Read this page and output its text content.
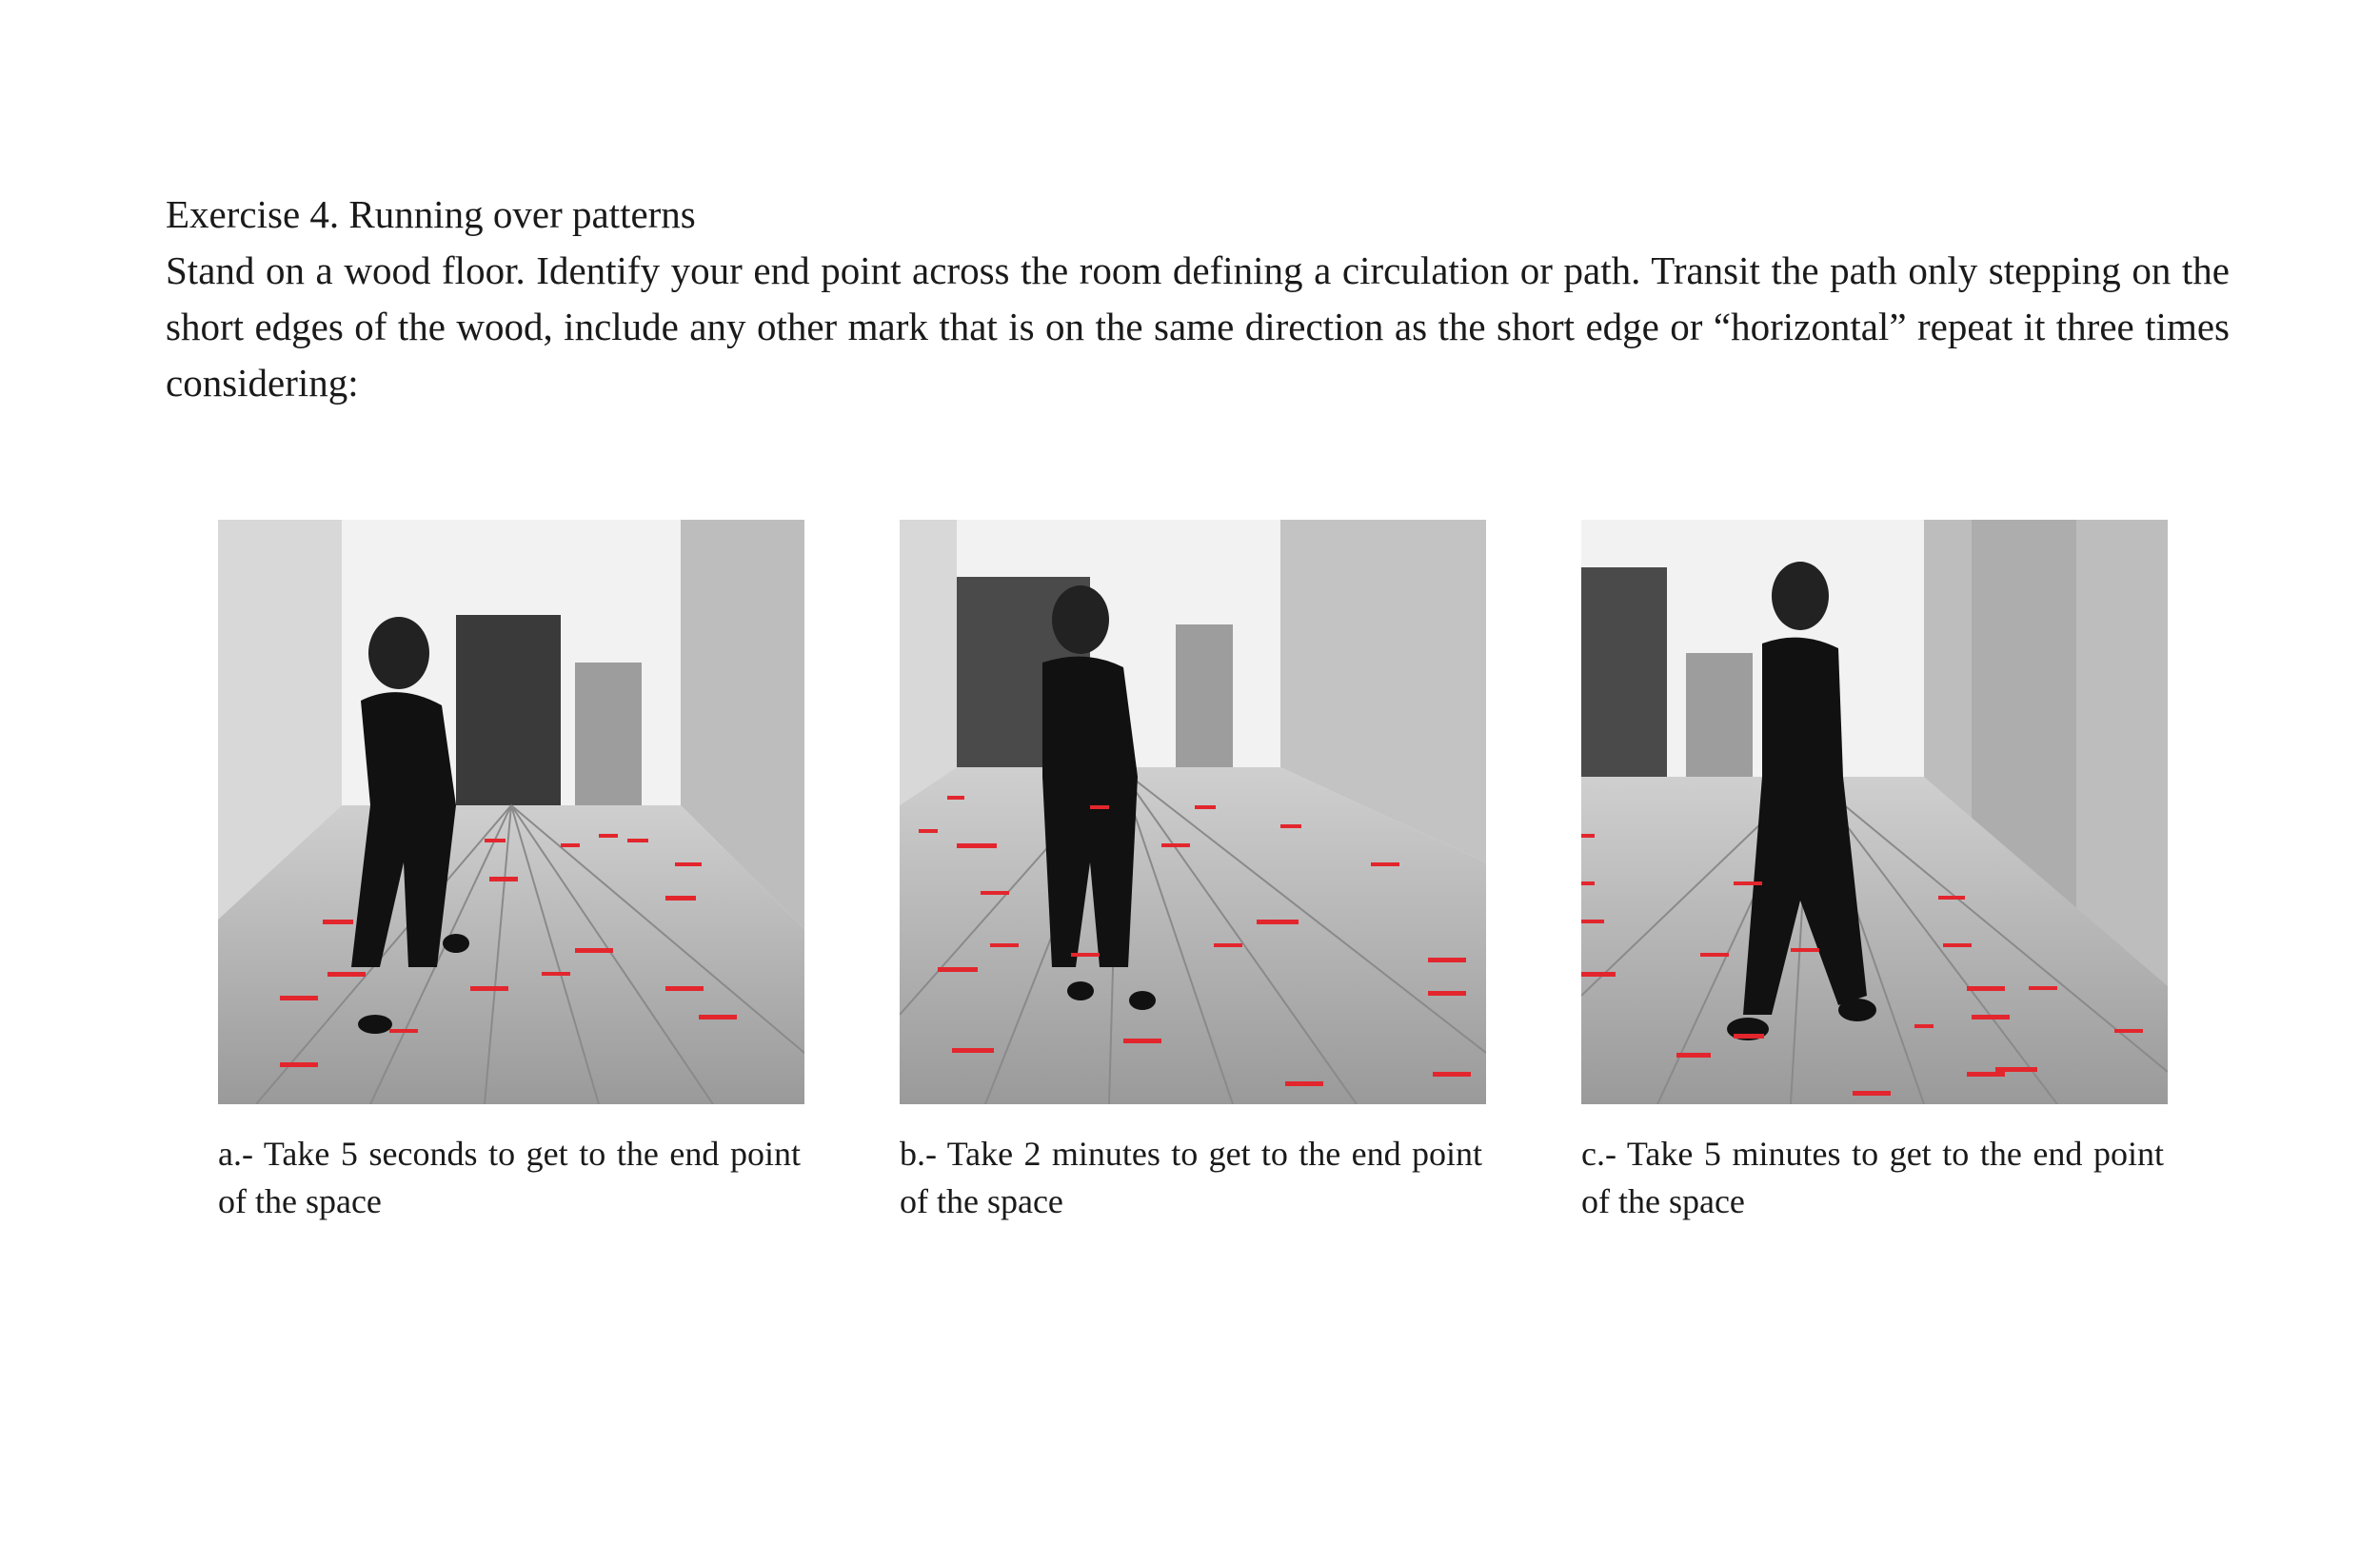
Exercise 4. Running over patterns
Stand on a wood floor. Identify your end point across the room defining a circulation or path. Transit the path only stepping on the short edges of the wood, include any other mark that is on the same direction as the short edge or “horizontal” repeat it three times considering:
a.- Take 5 seconds to get to the end point of the space
b.- Take 2 minutes to get to the end point of the space
c.- Take 5 minutes to get to the end point of the space
